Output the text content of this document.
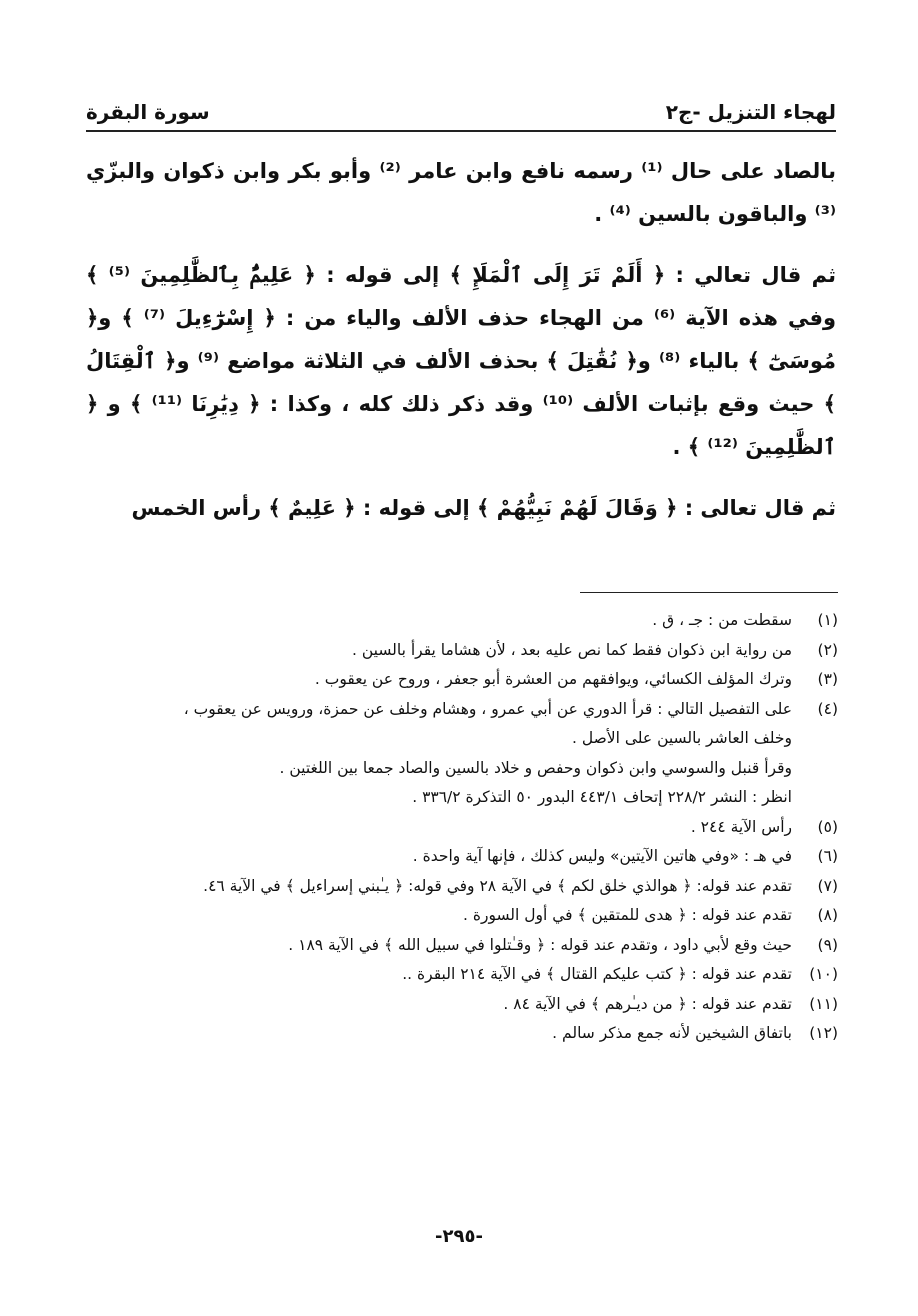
سورة البقرة	لهجاء التنزيل -ج٢

بالصاد على حال ⁽¹⁾ رسمه نافع وابن عامر ⁽²⁾ وأبو بكر وابن ذكوان والبزّي ⁽³⁾ والباقون بالسين ⁽⁴⁾ .

ثم قال تعالي : ﴿ أَلَمْ تَرَ إِلَى ٱلْمَلَإِ ﴾ إلى قوله : ﴿ عَلِيمٌۢ بِٱلظَّٰلِمِينَ ⁽⁵⁾ ﴾ وفي هذه الآية ⁽⁶⁾ من الهجاء حذف الألف والياء من : ﴿ إِسْرَٰٓءِيلَ ⁽⁷⁾ ﴾ و﴿ مُوسَىٰٓ ﴾ بالياء ⁽⁸⁾ و﴿ نُقَٰتِلَ ﴾ بحذف الألف في الثلاثة مواضع ⁽⁹⁾ و﴿ ٱلْقِتَالُ ﴾ حيث وقع بإثبات الألف ⁽¹⁰⁾ وقد ذكر ذلك كله ، وكذا : ﴿ دِيَٰرِنَا ⁽¹¹⁾ ﴾ و ﴿ ٱلظَّٰلِمِينَ ⁽¹²⁾ ﴾ .

ثم قال تعالى : ﴿ وَقَالَ لَهُمْ نَبِيُّهُمْ ﴾ إلى قوله : ﴿ عَلِيمٌ ﴾ رأس الخمس

(١)
سقطت من : جـ ، ق .
(٢)
من رواية ابن ذكوان فقط كما نص عليه بعد ، لأن هشاما يقرأ بالسين .
(٣)
وترك المؤلف الكسائي، ويوافقهم من العشرة أبو جعفر ، وروح عن يعقوب .
(٤)
على التفصيل التالي : قرأ الدوري عن أبي عمرو ، وهشام وخلف عن حمزة، ورويس عن يعقوب ،
وخلف العاشر بالسين على الأصل .
وقرأ قنبل والسوسي وابن ذكوان وحفص و خلاد بالسين والصاد جمعا بين اللغتين .
انظر : النشر ٢٢٨/٢ إتحاف ٤٤٣/١ البدور ٥٠ التذكرة ٣٣٦/٢ .
(٥)
رأس الآية ٢٤٤ .
(٦)
في هـ : «وفي هاتين الآيتين» وليس كذلك ، فإنها آية واحدة .
(٧)
تقدم عند قوله: ﴿ هوالذي خلق لكم ﴾ في الآية ٢٨ وفي قوله: ﴿ يـٰبني إسراءيل ﴾ في الآية ٤٦.
(٨)
تقدم عند قوله : ﴿ هدى للمتقين ﴾ في أول السورة .
(٩)
حيث وقع لأبي داود ، وتقدم عند قوله : ﴿ وقـٰتلوا في سبيل الله ﴾ في الآية ١٨٩ .
(١٠)
تقدم عند قوله : ﴿ كتب عليكم القتال ﴾ في الآية ٢١٤ البقرة ..
(١١)
تقدم عند قوله : ﴿ من ديـٰرهم ﴾ في الآية ٨٤ .
(١٢)
باتفاق الشيخين لأنه جمع مذكر سالم .
-٢٩٥-
